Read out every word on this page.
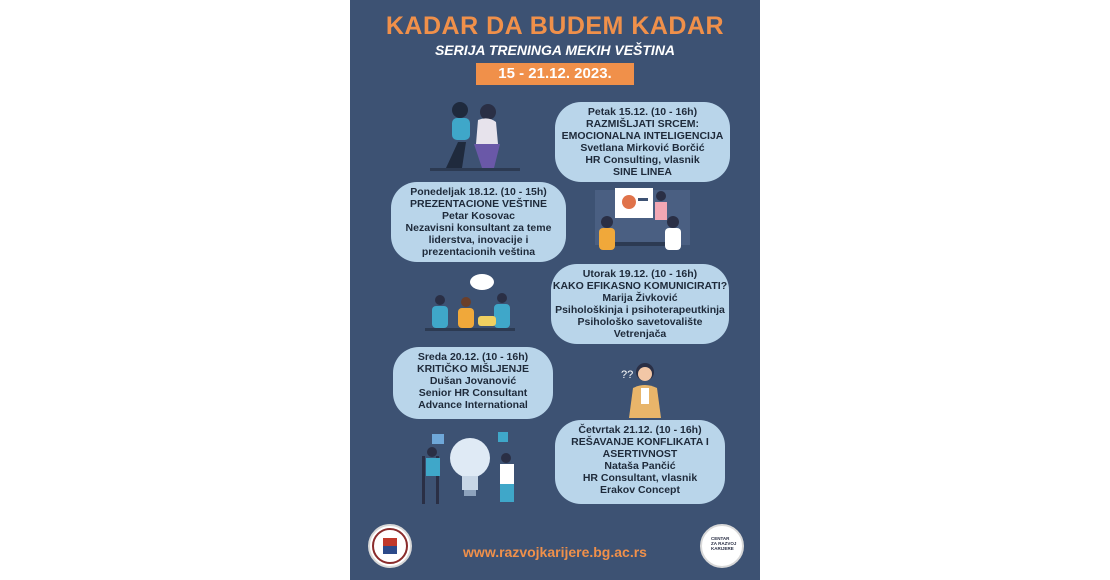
KADAR DA BUDEM KADAR
SERIJA TRENINGA MEKIH VEŠTINA
15 - 21.12. 2023.
??
Petak 15.12. (10 - 16h)
RAZMIŠLJATI SRCEM:
EMOCIONALNA INTELIGENCIJA
Svetlana Mirković Borčić
HR Consulting, vlasnik
SINE LINEA
Ponedeljak 18.12. (10 - 15h)
PREZENTACIONE VEŠTINE
Petar Kosovac
Nezavisni konsultant za teme
liderstva, inovacije i
prezentacionih veština
Utorak 19.12. (10 - 16h)
KAKO EFIKASNO KOMUNICIRATI?
Marija Živković
Psihološkinja i psihoterapeutkinja
Psihološko savetovalište
Vetrenjača
Sreda 20.12. (10 - 16h)
KRITIČKO MIŠLJENJE
Dušan Jovanović
Senior HR Consultant
Advance International
Četvrtak 21.12. (10 - 16h)
REŠAVANJE KONFLIKATA I
ASERTIVNOST
Nataša Pančić
HR Consultant, vlasnik
Erakov Concept
www.razvojkarijere.bg.ac.rs
CENTAR
ZA RAZVOJ
KARIJERE
